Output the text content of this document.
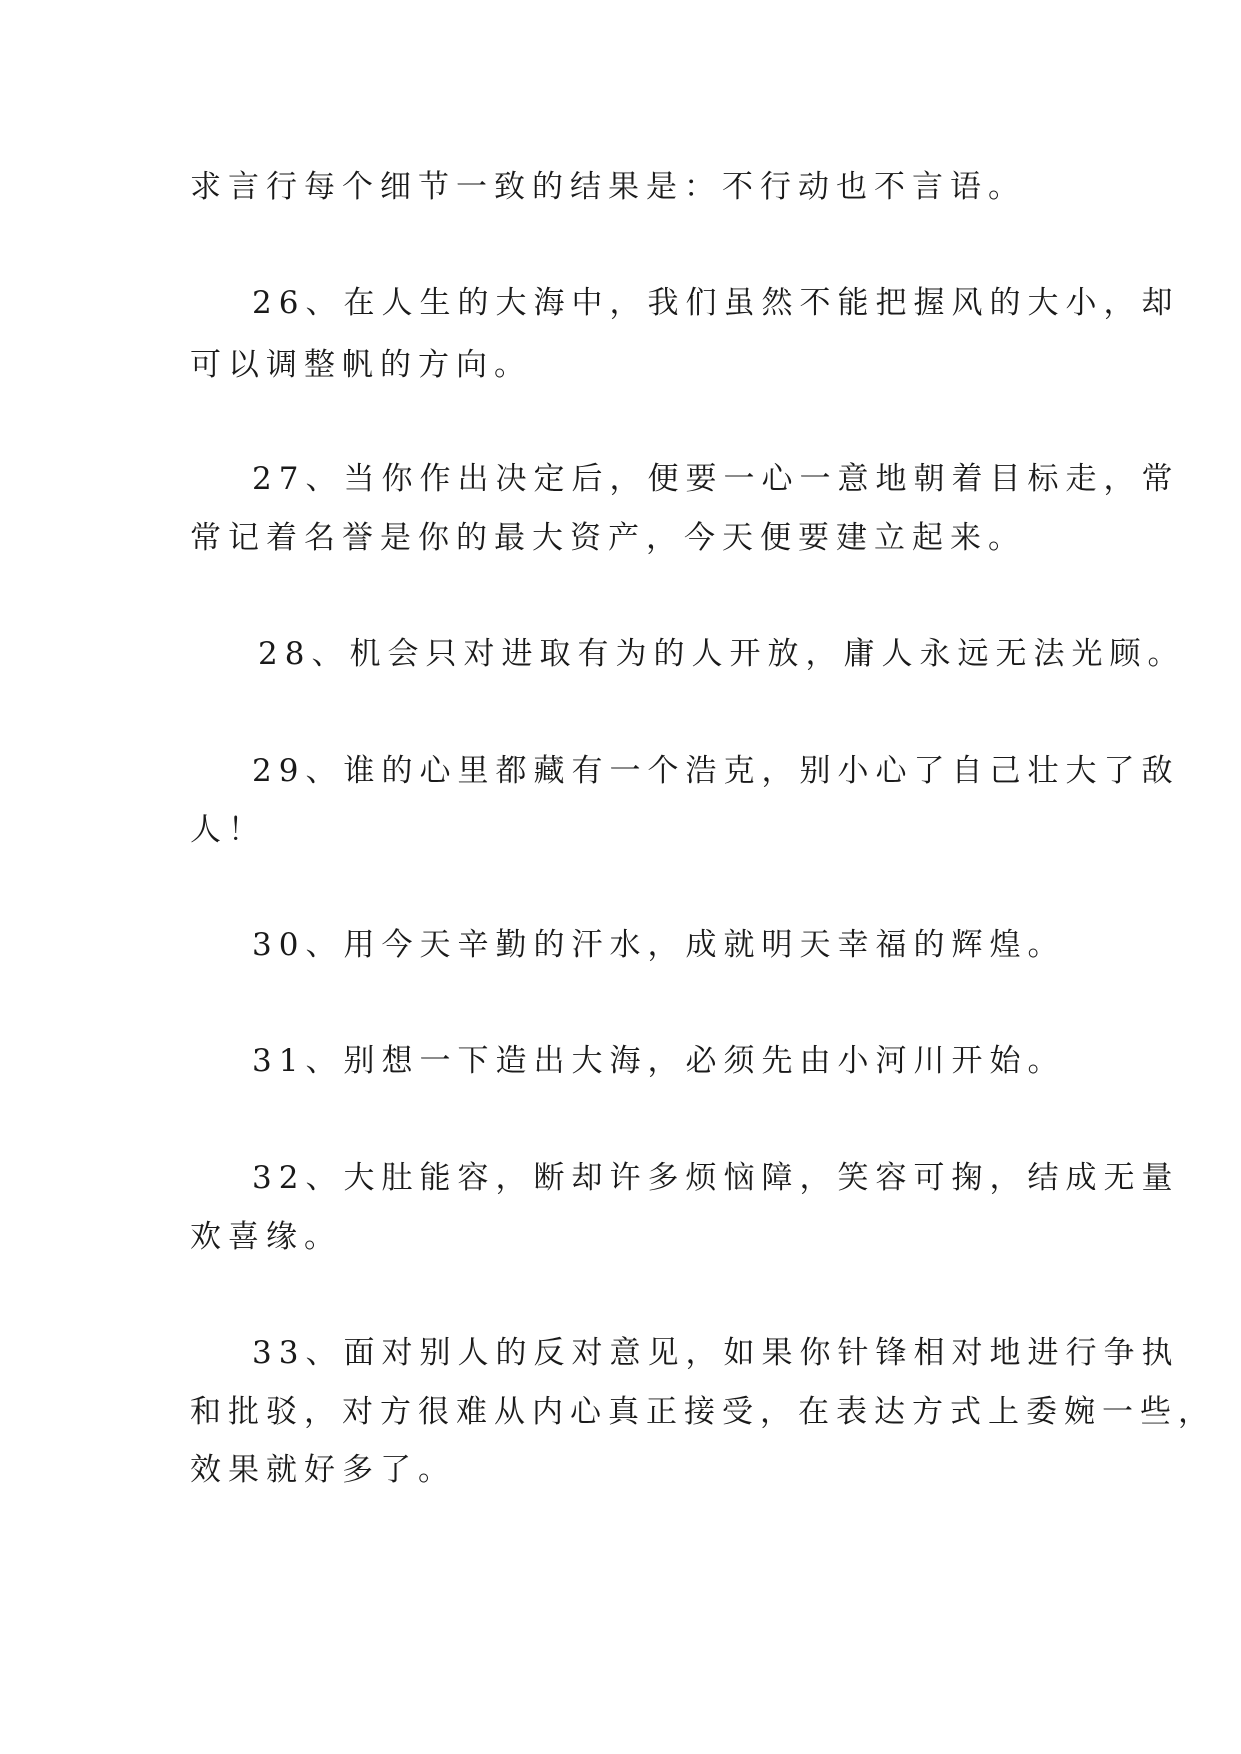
求言行每个细节一致的结果是：不行动也不言语。
26、在人生的大海中，我们虽然不能把握风的大小，却
可以调整帆的方向。
27、当你作出决定后，便要一心一意地朝着目标走，常
常记着名誉是你的最大资产，今天便要建立起来。
28、机会只对进取有为的人开放，庸人永远无法光顾。
29、谁的心里都藏有一个浩克，别小心了自己壮大了敌
人！
30、用今天辛勤的汗水，成就明天幸福的辉煌。
31、别想一下造出大海，必须先由小河川开始。
32、大肚能容，断却许多烦恼障，笑容可掬，结成无量
欢喜缘。
33、面对别人的反对意见，如果你针锋相对地进行争执
和批驳，对方很难从内心真正接受，在表达方式上委婉一些，
效果就好多了。
